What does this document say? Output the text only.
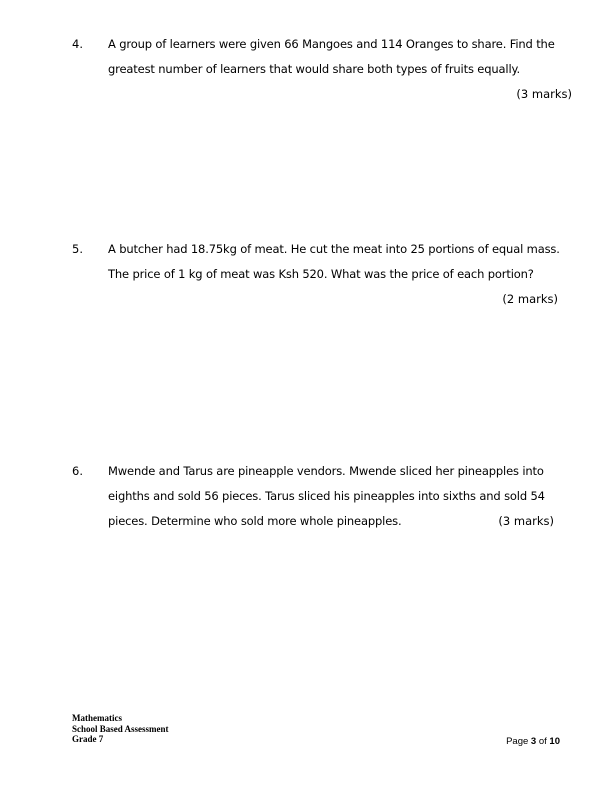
4. A group of learners were given 66 Mangoes and 114 Oranges to share. Find the
greatest number of learners that would share both types of fruits equally.
(3 marks)
5. A butcher had 18.75kg of meat. He cut the meat into 25 portions of equal mass.
The price of 1 kg of meat was Ksh 520. What was the price of each portion?
(2 marks)
6. Mwende and Tarus are pineapple vendors. Mwende sliced her pineapples into
eighths and sold 56 pieces. Tarus sliced his pineapples into sixths and sold 54
pieces. Determine who sold more whole pineapples.	(3 marks)
Mathematics
School Based Assessment
Grade 7	Page 3 of 10
